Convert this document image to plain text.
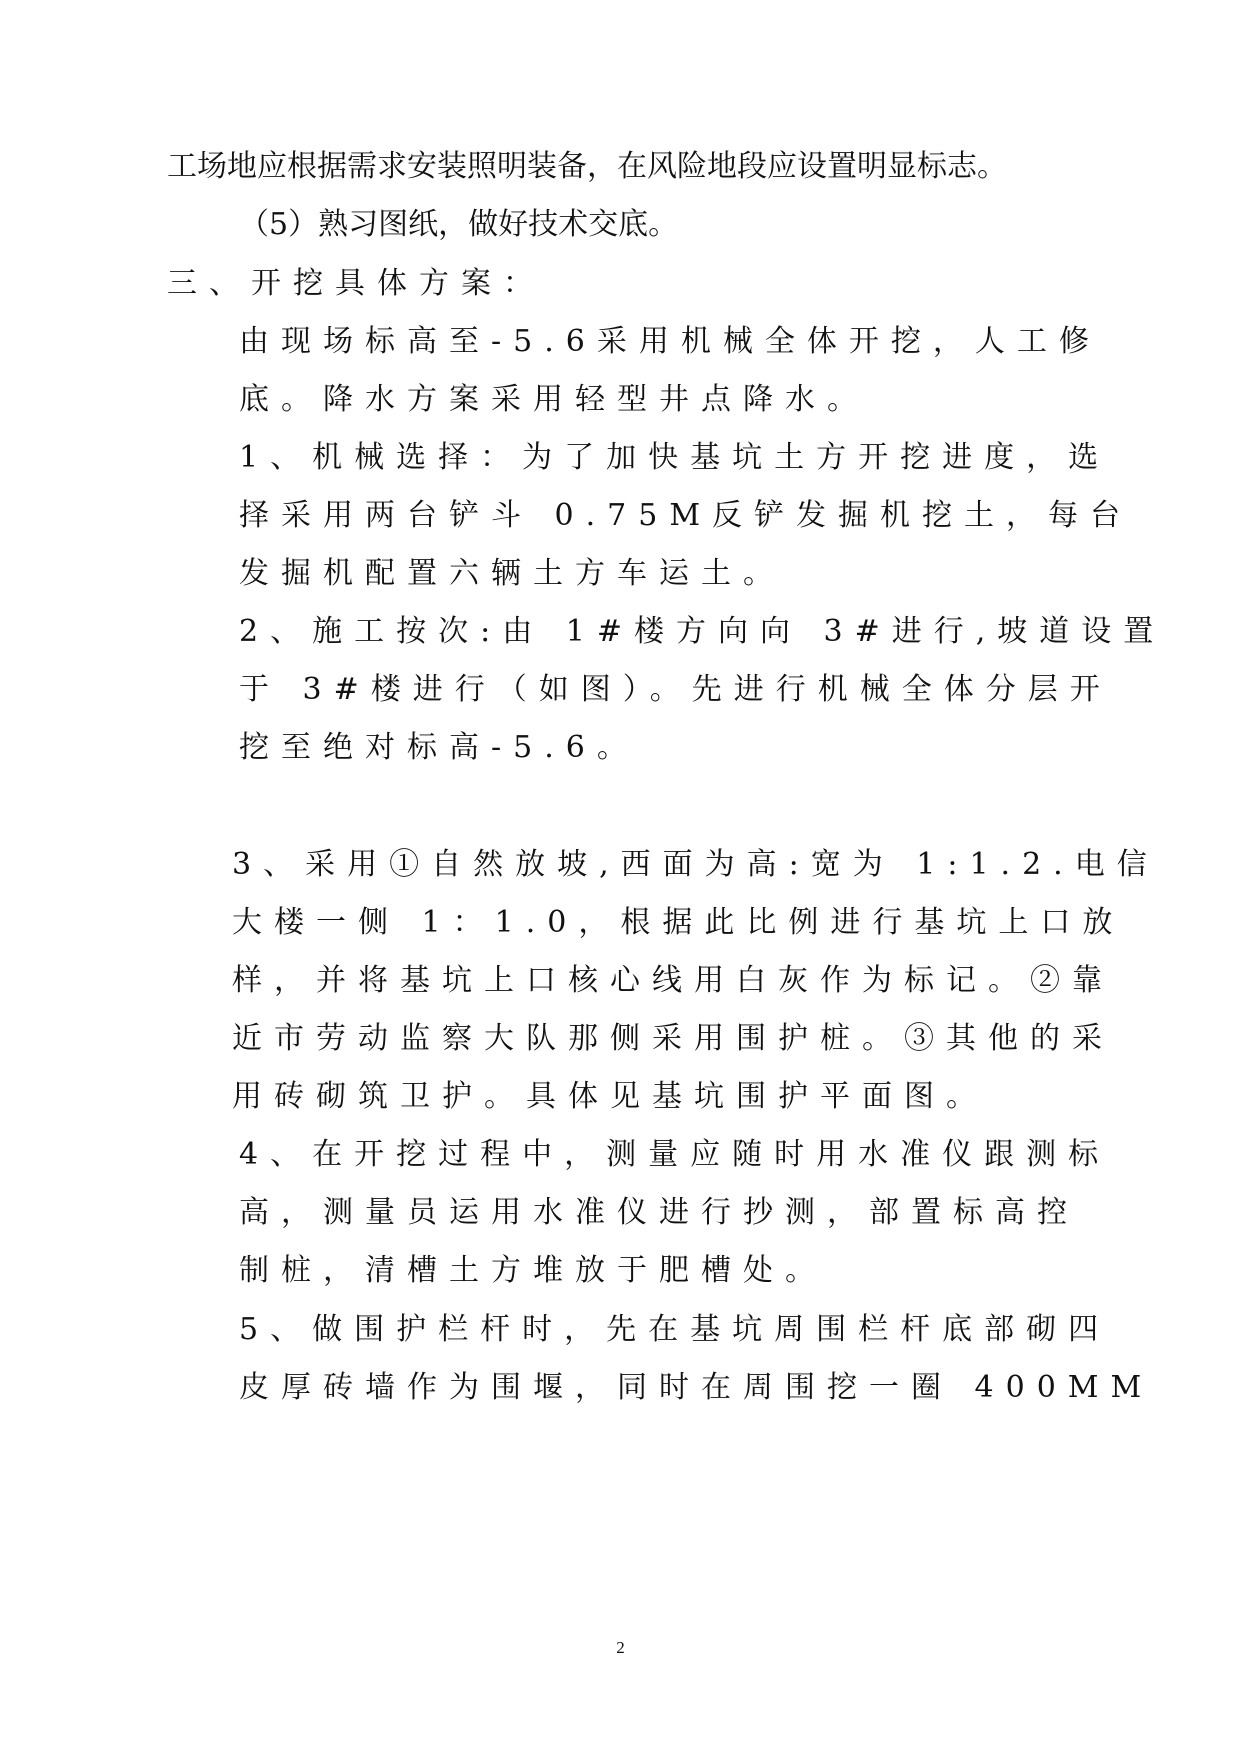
工场地应根据需求安装照明装备，在风险地段应设置明显标志。
（5）熟习图纸，做好技术交底。
三、开挖具体方案：
由现场标高至-5.6采用机械全体开挖，人工修
底。降水方案采用轻型井点降水。
1、机械选择：为了加快基坑土方开挖进度，选
择采用两台铲斗 0.75M反铲发掘机挖土，每台
发掘机配置六辆土方车运土。
2、施工按次:由 1#楼方向向 3#进行,坡道设置
于 3#楼进行（如图）。先进行机械全体分层开
挖至绝对标高-5.6。
3、采用①自然放坡,西面为高:宽为 1:1.2.电信
大楼一侧 1：1.0，根据此比例进行基坑上口放
样，并将基坑上口核心线用白灰作为标记。②靠
近市劳动监察大队那侧采用围护桩。③其他的采
用砖砌筑卫护。具体见基坑围护平面图。
4、在开挖过程中，测量应随时用水准仪跟测标
高，测量员运用水准仪进行抄测，部置标高控
制桩，清槽土方堆放于肥槽处。
5、做围护栏杆时，先在基坑周围栏杆底部砌四
皮厚砖墙作为围堰，同时在周围挖一圈 400MM
2
